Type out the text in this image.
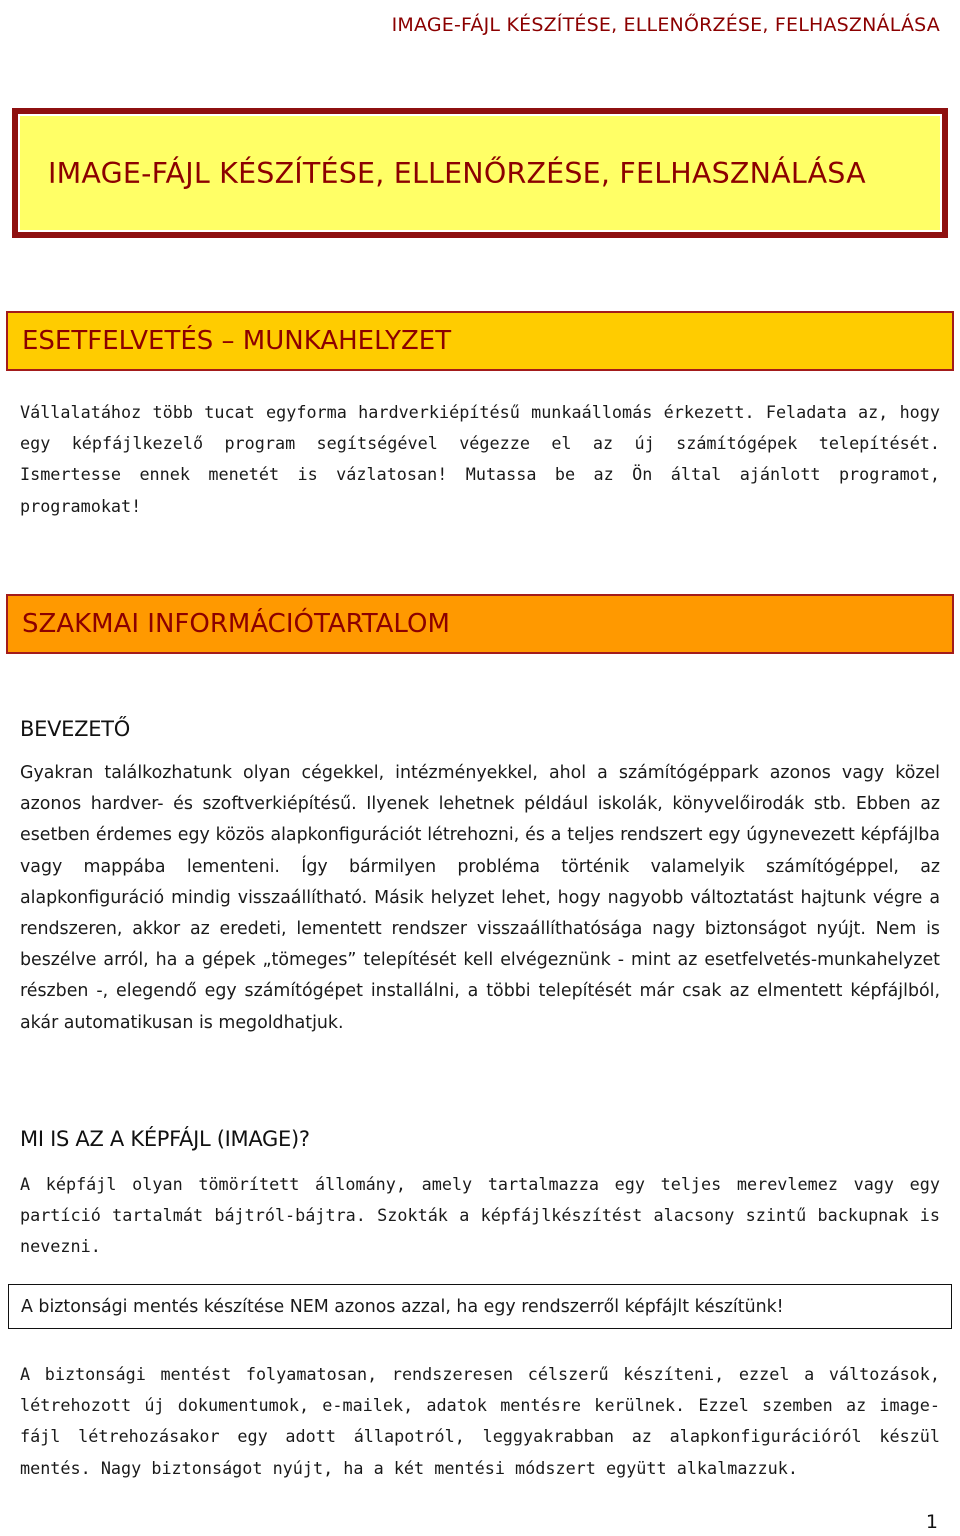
IMAGE-FÁJL KÉSZÍTÉSE, ELLENŐRZÉSE, FELHASZNÁLÁSA
IMAGE-FÁJL KÉSZÍTÉSE, ELLENŐRZÉSE, FELHASZNÁLÁSA
ESETFELVETÉS – MUNKAHELYZET

Vállalatához több tucat egyforma hardverkiépítésű munkaállomás érkezett. Feladata az, hogy egy képfájlkezelő program segítségével végezze el az új számítógépek telepítését. Ismertesse ennek menetét is vázlatosan! Mutassa be az Ön által ajánlott programot, programokat!

SZAKMAI INFORMÁCIÓTARTALOM
BEVEZETŐ

Gyakran találkozhatunk olyan cégekkel, intézményekkel, ahol a számítógéppark azonos vagy közel azonos hardver- és szoftverkiépítésű. Ilyenek lehetnek például iskolák, könyvelőirodák stb. Ebben az esetben érdemes egy közös alapkonfigurációt létrehozni, és a teljes rendszert egy úgynevezett képfájlba vagy mappába lementeni. Így bármilyen probléma történik valamelyik számítógéppel, az alapkonfiguráció mindig visszaállítható. Másik helyzet lehet, hogy nagyobb változtatást hajtunk végre a rendszeren, akkor az eredeti, lementett rendszer visszaállíthatósága nagy biztonságot nyújt. Nem is beszélve arról, ha a gépek „tömeges” telepítését kell elvégeznünk - mint az esetfelvetés-munkahelyzet részben -, elegendő egy számítógépet installálni, a többi telepítését már csak az elmentett képfájlból, akár automatikusan is megoldhatjuk.

MI IS AZ A KÉPFÁJL (IMAGE)?

A képfájl olyan tömörített állomány, amely tartalmazza egy teljes merevlemez vagy egy partíció tartalmát bájtról-bájtra. Szokták a képfájlkészítést alacsony szintű backupnak is nevezni.

A biztonsági mentés készítése NEM azonos azzal, ha egy rendszerről képfájlt készítünk!

A biztonsági mentést folyamatosan, rendszeresen célszerű készíteni, ezzel a változások, létrehozott új dokumentumok, e-mailek, adatok mentésre kerülnek. Ezzel szemben az image-fájl létrehozásakor egy adott állapotról, leggyakrabban az alapkonfigurációról készül mentés. Nagy biztonságot nyújt, ha a két mentési módszert együtt alkalmazzuk.

1
